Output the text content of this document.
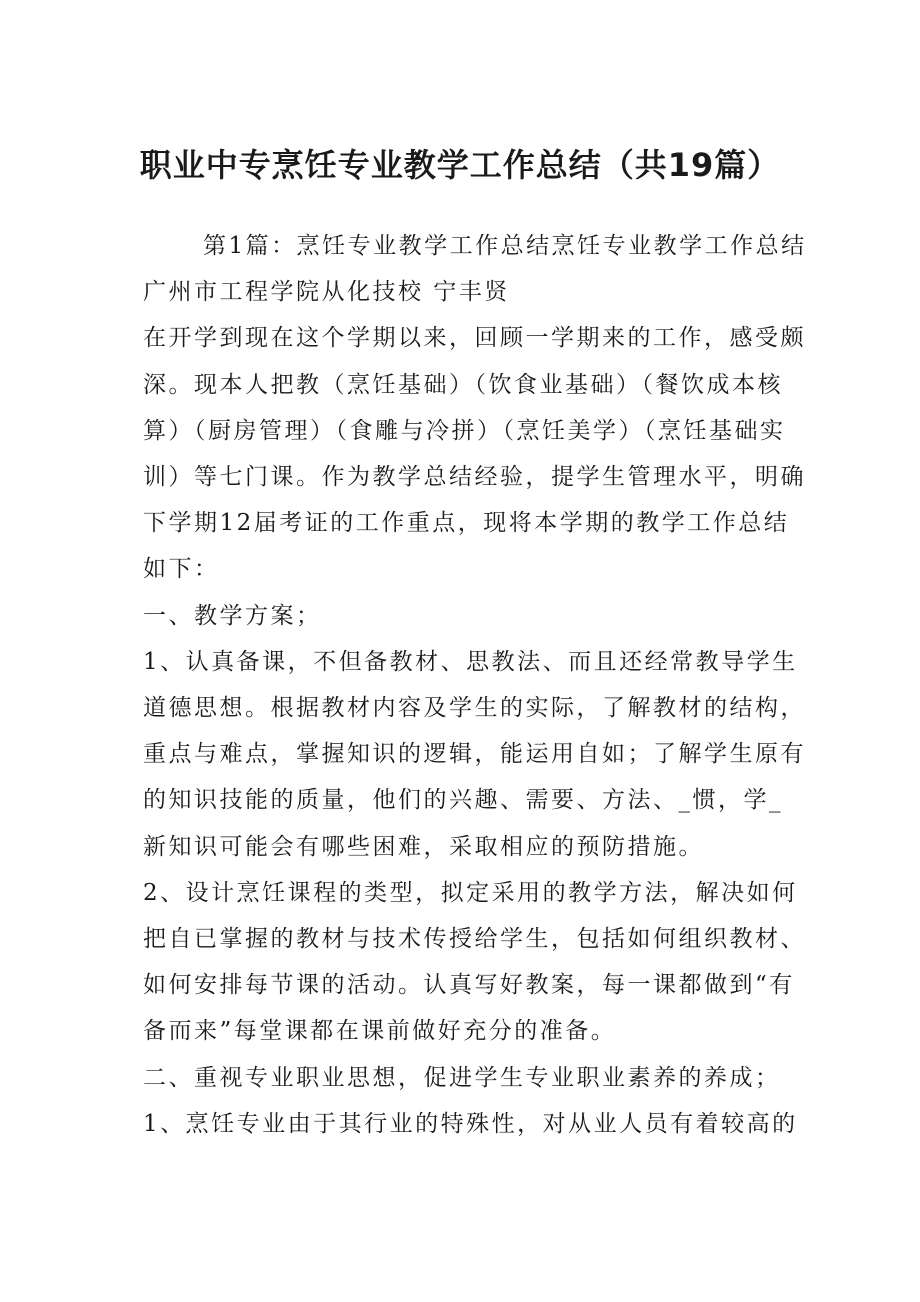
职业中专烹饪专业教学工作总结（共19篇）

第1篇：烹饪专业教学工作总结烹饪专业教学工作总结

广州市工程学院从化技校 宁丰贤

在开学到现在这个学期以来，回顾一学期来的工作，感受颇深。现本人把教（烹饪基础）（饮食业基础）（餐饮成本核算）（厨房管理）（食雕与冷拼）（烹饪美学）（烹饪基础实训）等七门课。作为教学总结经验，提学生管理水平，明确下学期12届考证的工作重点，现将本学期的教学工作总结如下：

一、教学方案；

1、认真备课，不但备教材、思教法、而且还经常教导学生道德思想。根据教材内容及学生的实际，了解教材的结构，重点与难点，掌握知识的逻辑，能运用自如；了解学生原有的知识技能的质量，他们的兴趣、需要、方法、_惯，学_新知识可能会有哪些困难，采取相应的预防措施。

2、设计烹饪课程的类型，拟定采用的教学方法，解决如何把自已掌握的教材与技术传授给学生，包括如何组织教材、如何安排每节课的活动。认真写好教案，每一课都做到“有备而来”每堂课都在课前做好充分的准备。

二、重视专业职业思想，促进学生专业职业素养的养成；

1、烹饪专业由于其行业的特殊性，对从业人员有着较高的
